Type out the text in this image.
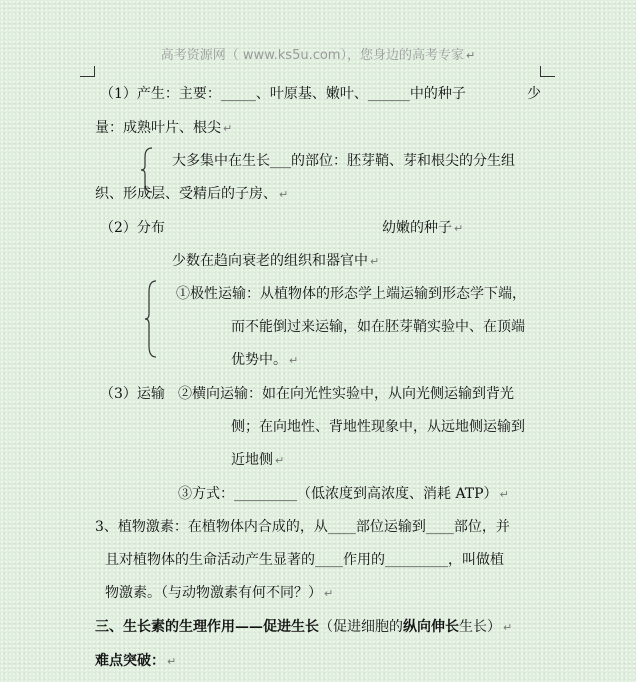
高考资源网（ www.ks5u.com），您身边的高考专家 ↵
（1）产生：主要：_____、叶原基、嫩叶、______中的种子	少
量：成熟叶片、根尖 ↵
大多集中在生长___的部位：胚芽鞘、芽和根尖的分生组
织、形成层、受精后的子房、 ↵
（2）分布	幼嫩的种子 ↵
少数在趋向衰老的组织和器官中 ↵
①极性运输：从植物体的形态学上端运输到形态学下端，
而不能倒过来运输，如在胚芽鞘实验中、在顶端
优势中。 ↵
（3）运输 ②横向运输：如在向光性实验中，从向光侧运输到背光
侧；在向地性、背地性现象中，从远地侧运输到
近地侧 ↵
③方式：_________（低浓度到高浓度、消耗 ATP） ↵
3、植物激素：在植物体内合成的，从____部位运输到____部位，并
且对植物体的生命活动产生显著的____作用的_________，叫做植
物激素。（与动物激素有何不同？） ↵
三、生长素的生理作用——促进生长（促进细胞的纵向伸长生长） ↵
难点突破： ↵
